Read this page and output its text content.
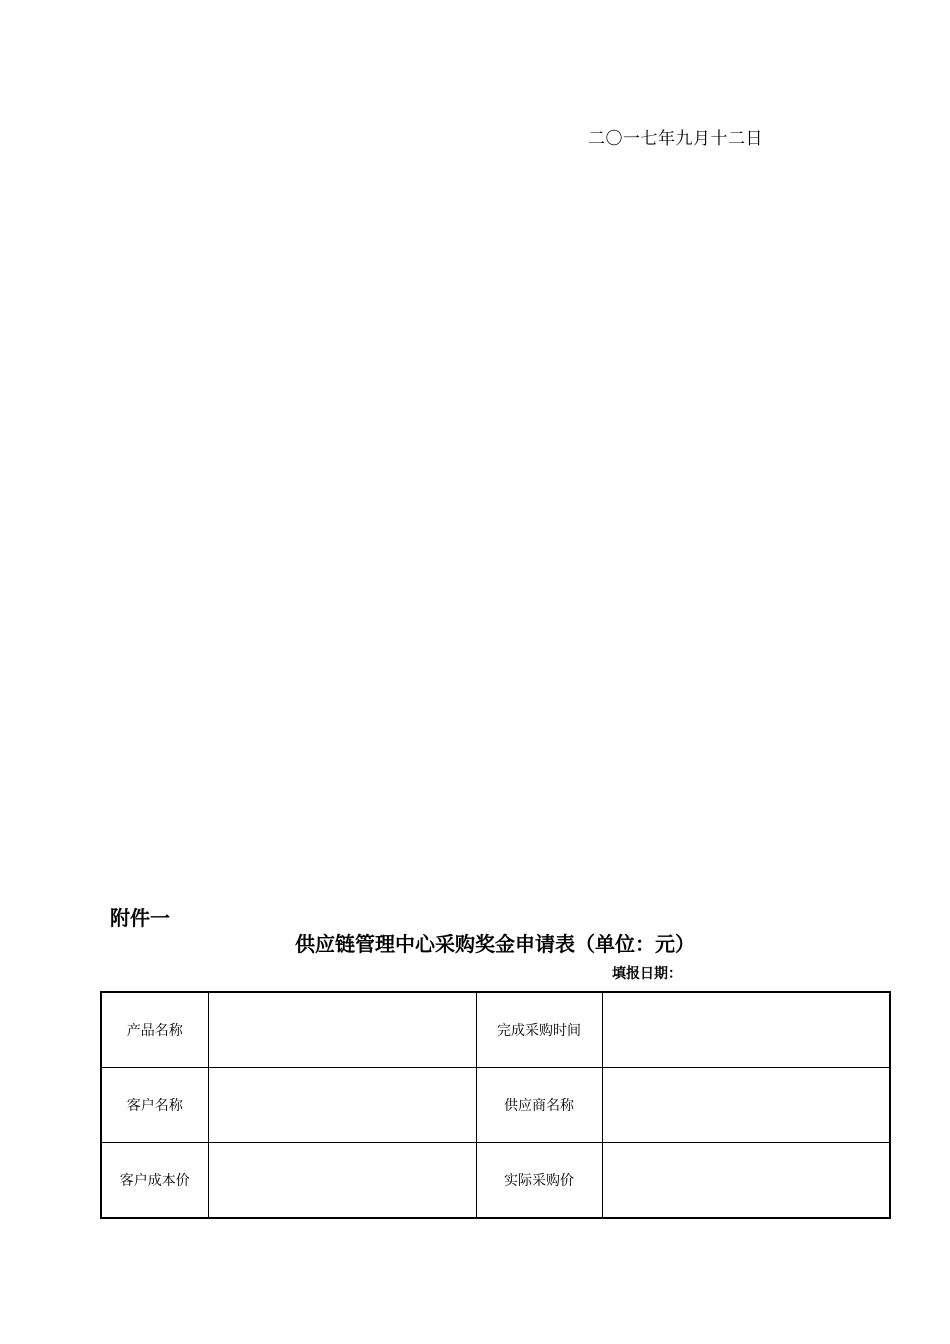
二〇一七年九月十二日
附件一
供应链管理中心采购奖金申请表（单位：元）
填报日期：
产品名称		完成采购时间	
客户名称		供应商名称	
客户成本价		实际采购价	
